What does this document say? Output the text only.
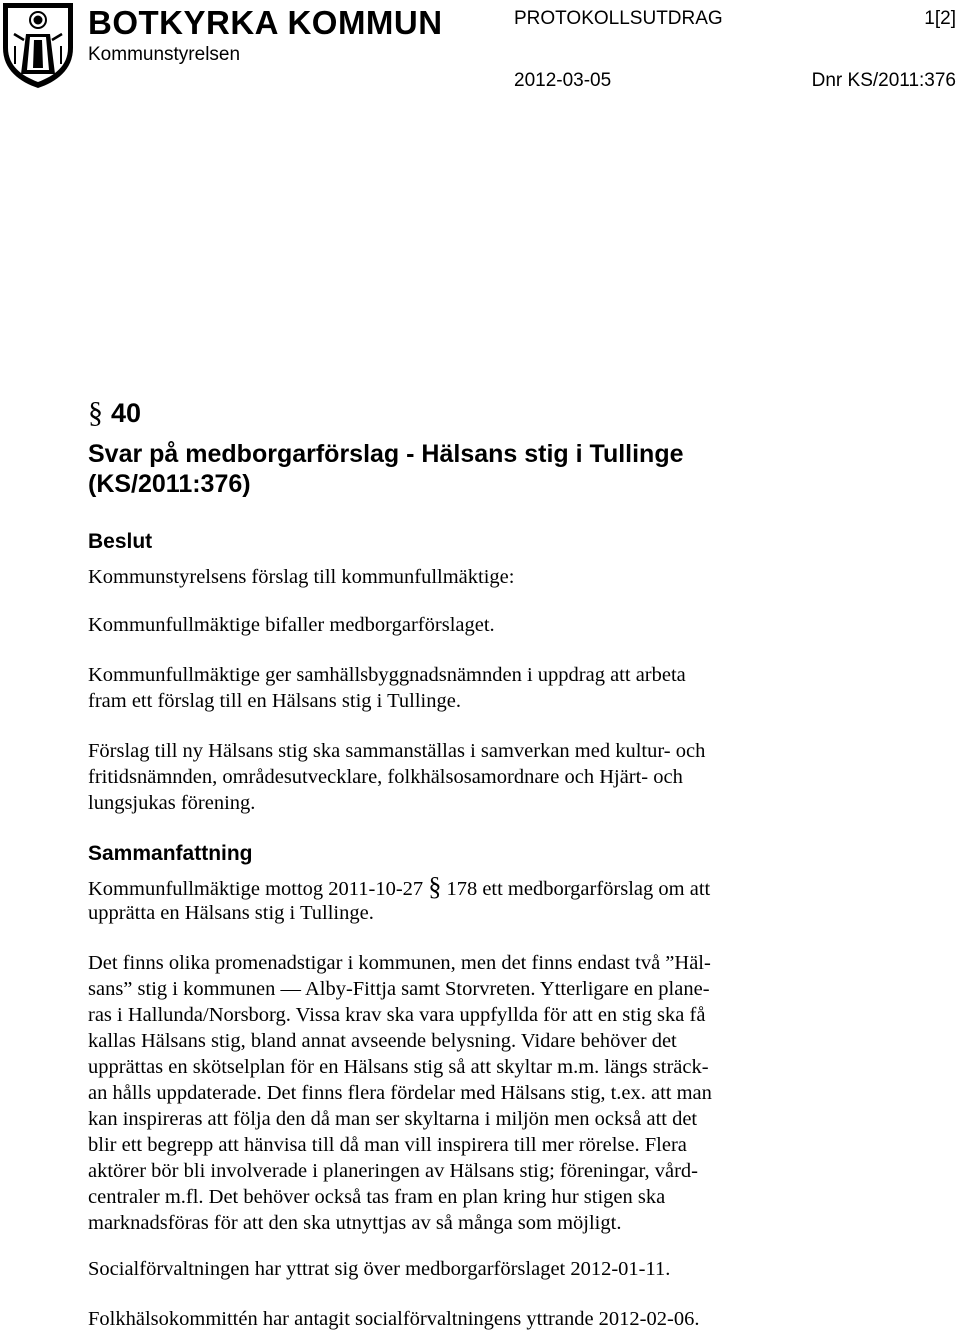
BOTKYRKA KOMMUN
Kommunstyrelsen
PROTOKOLLSUTDRAG	1[2]
2012-03-05	Dnr KS/2011:376
§ 40
Svar på medborgarförslag - Hälsans stig i Tullinge
(KS/2011:376)
Beslut
Kommunstyrelsens förslag till kommunfullmäktige:
Kommunfullmäktige bifaller medborgarförslaget.
Kommunfullmäktige ger samhällsbyggnadsnämnden i uppdrag att arbeta
fram ett förslag till en Hälsans stig i Tullinge.
Förslag till ny Hälsans stig ska sammanställas i samverkan med kultur- och
fritidsnämnden, områdesutvecklare, folkhälsosamordnare och Hjärt- och
lungsjukas förening.
Sammanfattning
Kommunfullmäktige mottog 2011-10-27 § 178 ett medborgarförslag om att
upprätta en Hälsans stig i Tullinge.
Det finns olika promenadstigar i kommunen, men det finns endast två ”Häl-
sans” stig i kommunen — Alby-Fittja samt Storvreten. Ytterligare en plane-
ras i Hallunda/Norsborg. Vissa krav ska vara uppfyllda för att en stig ska få
kallas Hälsans stig, bland annat avseende belysning. Vidare behöver det
upprättas en skötselplan för en Hälsans stig så att skyltar m.m. längs sträck-
an hålls uppdaterade. Det finns flera fördelar med Hälsans stig, t.ex. att man
kan inspireras att följa den då man ser skyltarna i miljön men också att det
blir ett begrepp att hänvisa till då man vill inspirera till mer rörelse. Flera
aktörer bör bli involverade i planeringen av Hälsans stig; föreningar, vård-
centraler m.fl. Det behöver också tas fram en plan kring hur stigen ska
marknadsföras för att den ska utnyttjas av så många som möjligt.
Socialförvaltningen har yttrat sig över medborgarförslaget 2012-01-11.
Folkhälsokommittén har antagit socialförvaltningens yttrande 2012-02-06.
